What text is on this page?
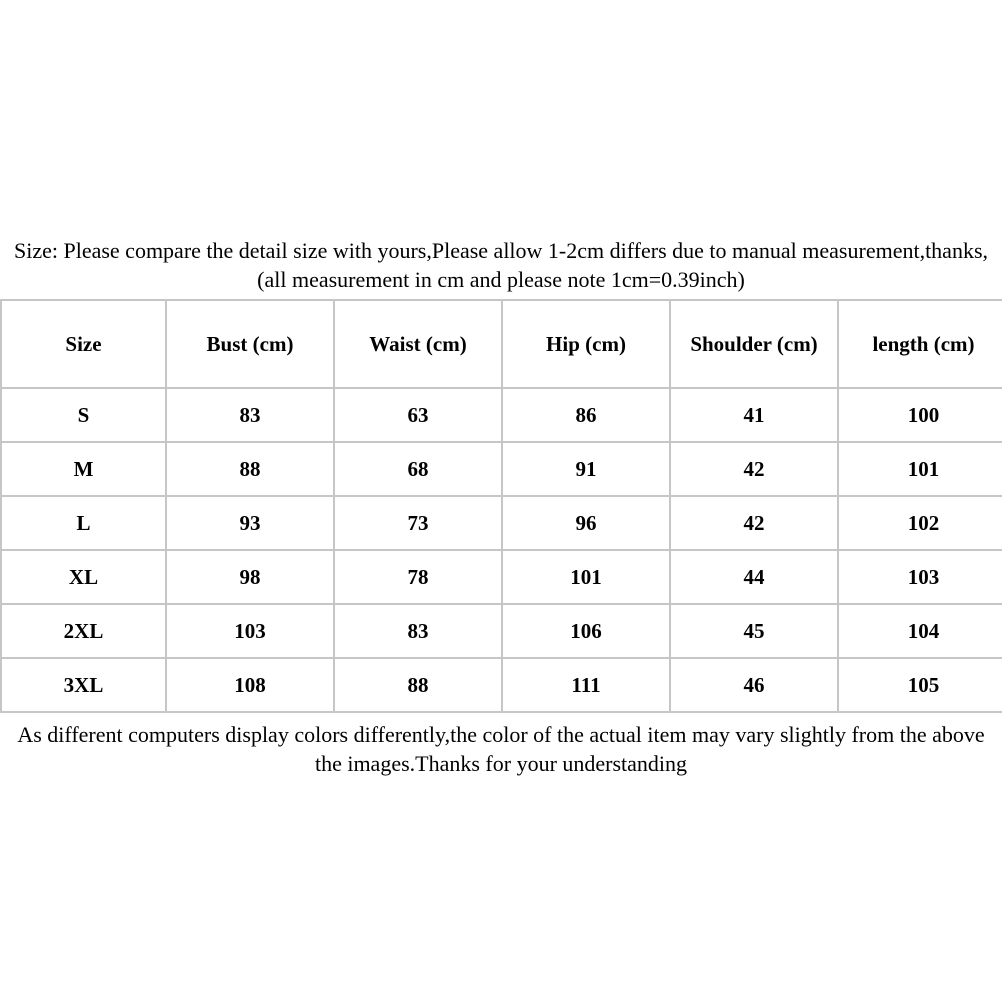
Size: Please compare the detail size with yours,Please allow 1-2cm differs due to manual measurement,thanks,(all measurement in cm and please note 1cm=0.39inch)

Size	Bust (cm)	Waist (cm)	Hip (cm)	Shoulder (cm)	length (cm)
S	83	63	86	41	100
M	88	68	91	42	101
L	93	73	96	42	102
XL	98	78	101	44	103
2XL	103	83	106	45	104
3XL	108	88	111	46	105

As different computers display colors differently,the color of the actual item may vary slightly from the above the images.Thanks for your understanding
